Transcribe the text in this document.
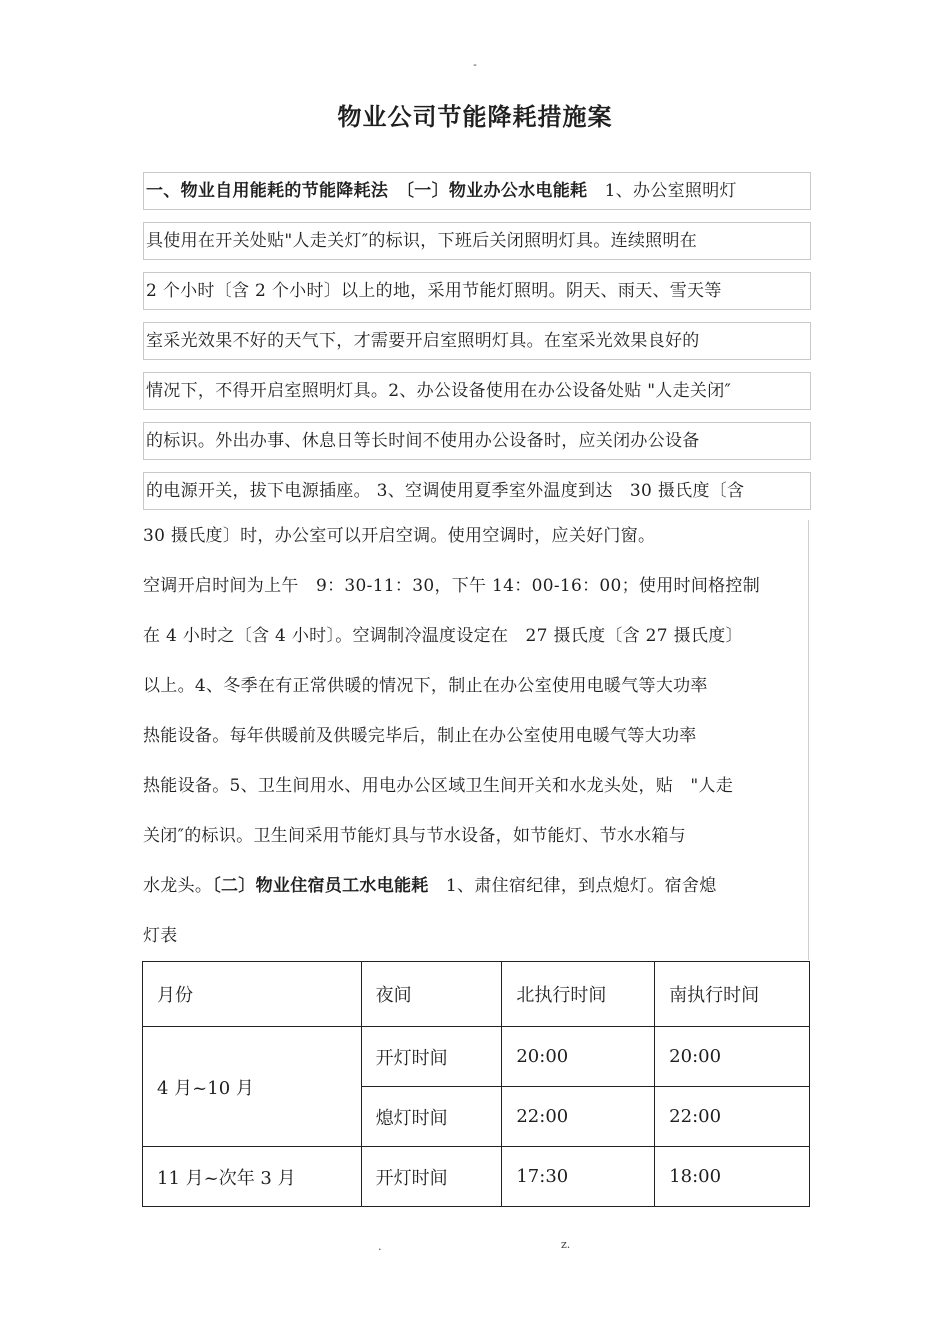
-
物业公司节能降耗措施案
一、物业自用能耗的节能降耗法　〔一〕物业办公水电能耗　1、办公室照明灯
具使用在开关处贴"人走关灯″的标识，下班后关闭照明灯具。连续照明在
2 个小时〔含 2 个小时〕以上的地，采用节能灯照明。阴天、雨天、雪天等
室采光效果不好的天气下，才需要开启室照明灯具。在室采光效果良好的
情况下，不得开启室照明灯具。2、办公设备使用在办公设备处贴 "人走关闭″
的标识。外出办事、休息日等长时间不使用办公设备时，应关闭办公设备
的电源开关，拔下电源插座。 3、空调使用夏季室外温度到达　30 摄氏度〔含
30 摄氏度〕时，办公室可以开启空调。使用空调时，应关好门窗。
空调开启时间为上午　9：30-11：30，下午 14：00-16：00；使用时间格控制
在 4 小时之〔含 4 小时〕。空调制冷温度设定在　27 摄氏度〔含 27 摄氏度〕
以上。4、冬季在有正常供暖的情况下，制止在办公室使用电暖气等大功率
热能设备。每年供暖前及供暖完毕后，制止在办公室使用电暖气等大功率
热能设备。5、卫生间用水、用电办公区域卫生间开关和水龙头处，贴　"人走
关闭″的标识。卫生间采用节能灯具与节水设备，如节能灯、节水水箱与
水龙头。〔二〕物业住宿员工水电能耗　1、肃住宿纪律，到点熄灯。宿舍熄
灯表
月份	夜间	北执行时间	南执行时间
4 月~10 月	开灯时间	20:00	20:00
	熄灯时间	22:00	22:00
11 月~次年 3 月	开灯时间	17:30	18:00
.	z.
